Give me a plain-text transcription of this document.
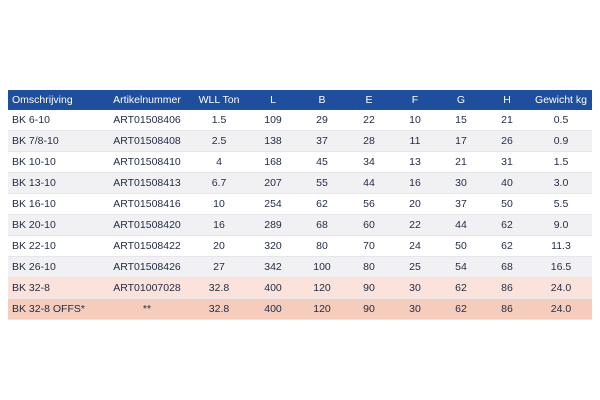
Omschrijving	Artikelnummer	WLL Ton	L	B	E	F	G	H	Gewicht kg
BK 6-10	ART01508406	1.5	109	29	22	10	15	21	0.5
BK 7/8-10	ART01508408	2.5	138	37	28	11	17	26	0.9
BK 10-10	ART01508410	4	168	45	34	13	21	31	1.5
BK 13-10	ART01508413	6.7	207	55	44	16	30	40	3.0
BK 16-10	ART01508416	10	254	62	56	20	37	50	5.5
BK 20-10	ART01508420	16	289	68	60	22	44	62	9.0
BK 22-10	ART01508422	20	320	80	70	24	50	62	11.3
BK 26-10	ART01508426	27	342	100	80	25	54	68	16.5
BK 32-8	ART01007028	32.8	400	120	90	30	62	86	24.0
BK 32-8 OFFS*	**	32.8	400	120	90	30	62	86	24.0
